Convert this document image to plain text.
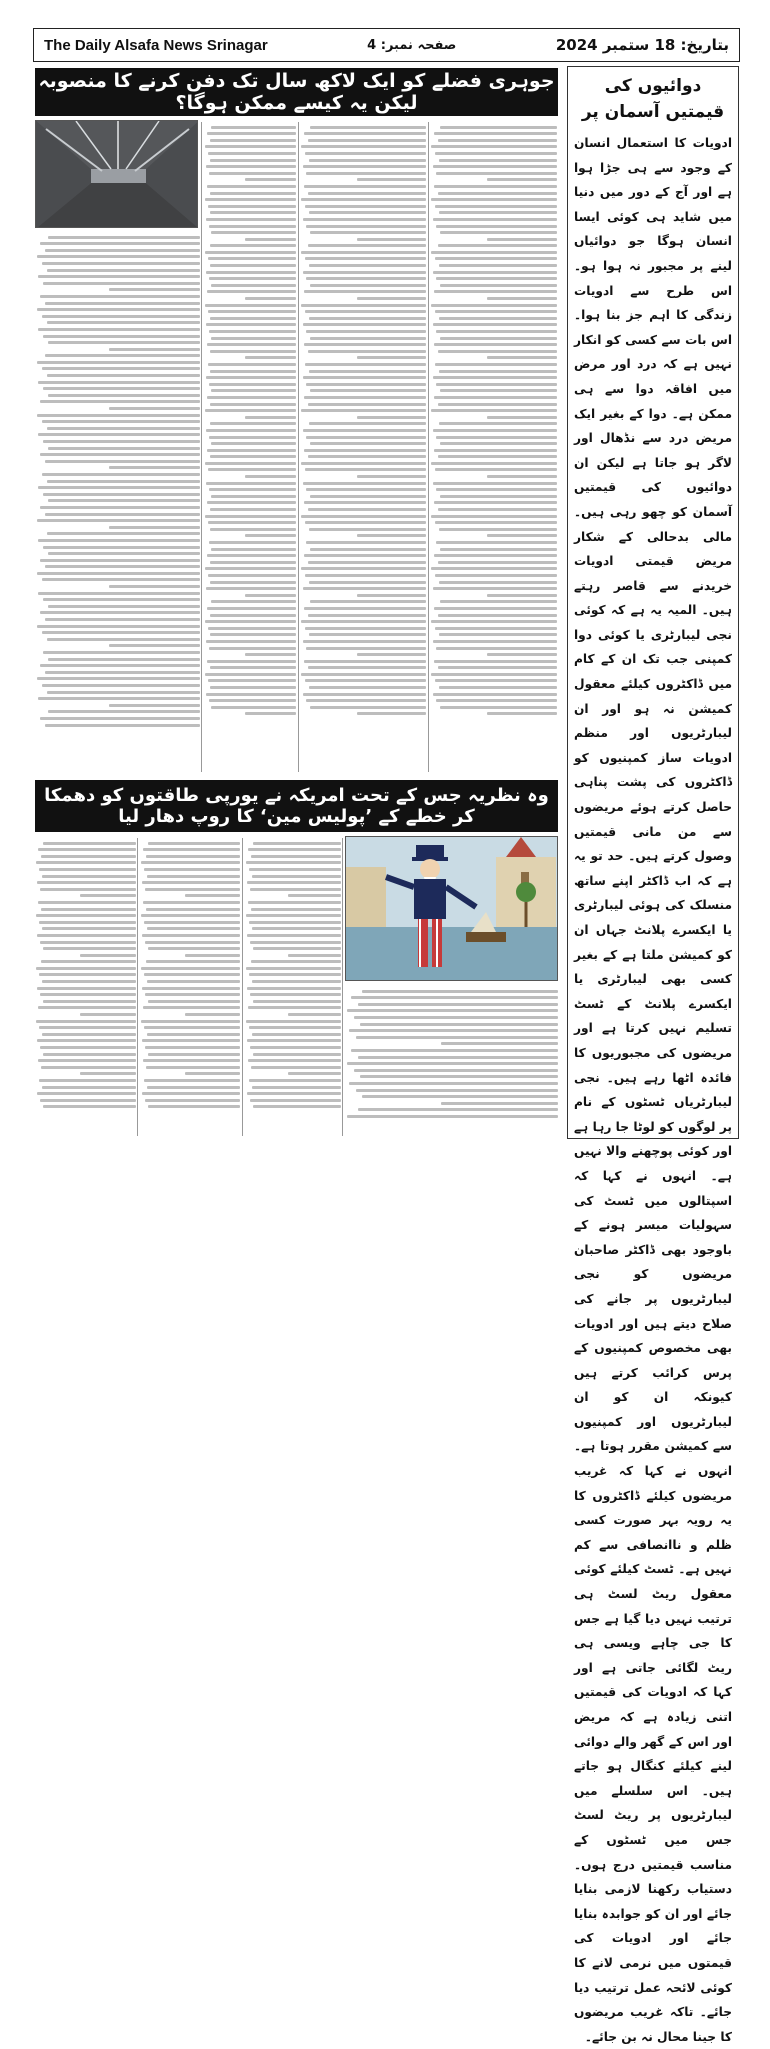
The Daily Alsafa News Srinagar	صفحہ نمبر: 4	بتاریخ: 18 ستمبر 2024
جوہری فضلے کو ایک لاکھ سال تک دفن کرنے کا منصوبہ لیکن یہ کیسے ممکن ہوگا؟
وہ نظریہ جس کے تحت امریکہ نے یورپی طاقتوں کو دھمکا کر خطے کے ’پولیس مین‘ کا روپ دھار لیا
دوائیوں کی قیمتیں آسمان پر
ادویات کا استعمال انسان کے وجود سے ہی جڑا ہوا ہے اور آج کے دور میں دنیا میں شاید ہی کوئی ایسا انسان ہوگا جو دوائیاں لینے پر مجبور نہ ہوا ہو۔ اس طرح سے ادویات زندگی کا اہم جز بنا ہوا۔ اس بات سے کسی کو انکار نہیں ہے کہ درد اور مرض میں افاقہ دوا سے ہی ممکن ہے۔ دوا کے بغیر ایک مریض درد سے نڈھال اور لاگر ہو جاتا ہے لیکن ان دوائیوں کی قیمتیں آسمان کو چھو رہی ہیں۔ مالی بدحالی کے شکار مریض قیمتی ادویات خریدنے سے قاصر رہتے ہیں۔ المیہ یہ ہے کہ کوئی نجی لیبارٹری یا کوئی دوا کمپنی جب تک ان کے کام میں ڈاکٹروں کیلئے معقول کمیشن نہ ہو اور ان لیبارٹریوں اور منظم ادویات ساز کمپنیوں کو ڈاکٹروں کی پشت پناہی حاصل کرتے ہوئے مریضوں سے من مانی قیمتیں وصول کرتے ہیں۔ حد تو یہ ہے کہ اب ڈاکٹر اپنے ساتھ منسلک کی ہوئی لیبارٹری یا ایکسرے پلانٹ جہاں ان کو کمیشن ملتا ہے کے بغیر کسی بھی لیبارٹری یا ایکسرے پلانٹ کے ٹسٹ تسلیم نہیں کرتا ہے اور مریضوں کی مجبوریوں کا فائدہ اٹھا رہے ہیں۔ نجی لیبارٹریاں ٹسٹوں کے نام پر لوگوں کو لوٹا جا رہا ہے اور کوئی پوچھنے والا نہیں ہے۔ انہوں نے کہا کہ اسپتالوں میں ٹسٹ کی سہولیات میسر ہونے کے باوجود بھی ڈاکٹر صاحبان مریضوں کو نجی لیبارٹریوں پر جانے کی صلاح دیتے ہیں اور ادویات بھی مخصوص کمپنیوں کے پرس کرائب کرتے ہیں کیونکہ ان کو ان لیبارٹریوں اور کمپنیوں سے کمیشن مقرر ہوتا ہے۔ انہوں نے کہا کہ غریب مریضوں کیلئے ڈاکٹروں کا یہ رویہ بہر صورت کسی ظلم و ناانصافی سے کم نہیں ہے۔ ٹسٹ کیلئے کوئی معقول ریٹ لسٹ ہی ترتیب نہیں دیا گیا ہے جس کا جی چاہے ویسی ہی ریٹ لگائی جاتی ہے اور کہا کہ ادویات کی قیمتیں اتنی زیادہ ہے کہ مریض اور اس کے گھر والے دوائی لینے کیلئے کنگال ہو جاتے ہیں۔ اس سلسلے میں لیبارٹریوں پر ریٹ لسٹ جس میں ٹسٹوں کے مناسب قیمتیں درج ہوں۔ دستیاب رکھنا لازمی بنایا جائے اور ان کو جوابدہ بنایا جائے اور ادویات کی قیمتوں میں نرمی لانے کا کوئی لائحہ عمل ترتیب دیا جائے۔ تاکہ غریب مریضوں کا جینا محال نہ بن جائے۔
